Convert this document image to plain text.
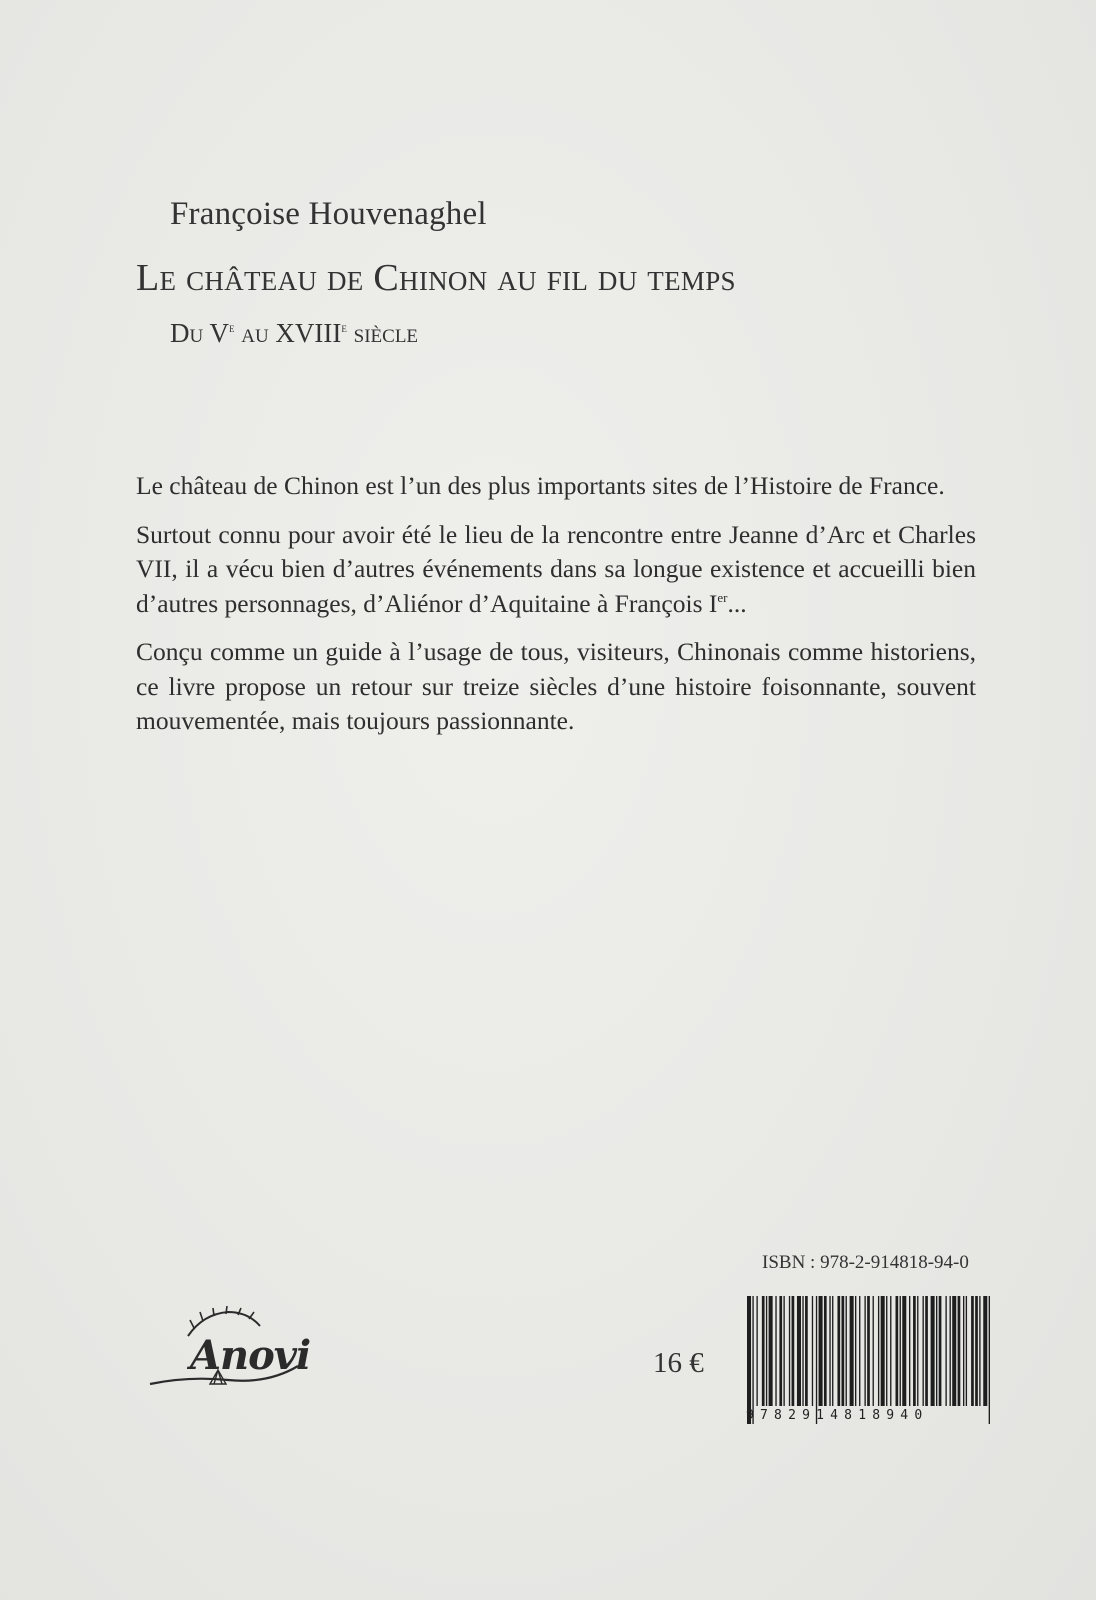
Françoise Houvenaghel
Le château de Chinon au fil du temps
Du Ve au XVIIIe siècle

Le château de Chinon est l’un des plus importants sites de l’Histoire de France.

Surtout connu pour avoir été le lieu de la rencontre entre Jeanne d’Arc et Charles VII, il a vécu bien d’autres événements dans sa longue existence et accueilli bien d’autres personnages, d’Aliénor d’Aquitaine à François Ier...

Conçu comme un guide à l’usage de tous, visiteurs, Chinonais comme historiens, ce livre propose un retour sur treize siècles d’une histoire foisonnante, souvent mouvementée, mais toujours passionnante.

Anovi	16 €
ISBN : 978-2-914818-94-0
9782914818940
